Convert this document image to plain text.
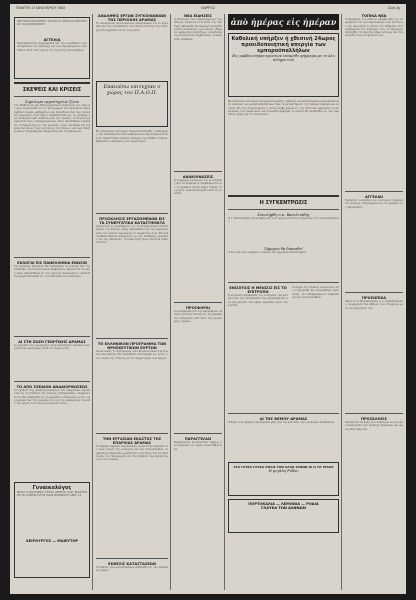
ΠΕΜΠΤΗ 17 ΙΑΝΟΥΑΡΙΟΥ 1963	ΘΑΡΡΟΣ	Σελίς 3η
ΔΕΛΤΙΟΝ ΔΙΚΗΓΟΡΙΚΟΥ ΣΥΛΛΟΓΟΥ ΔΡΑΜΑΣ ΔΙΟΙΚΗΤΙΚΟΥ ΚΑΙ ΟΙΚΟΝΟΜΙΚΟΥ
ΑΓΓΕΛΙΑ
Προκηρύσσεται δημοπρασία δια την εκμίσθωσιν καταστημάτων της περιοχής και των παρακειμένων οικοπέδων κατά τους όρους της σχετικής διακηρύξεως
ΣΚΕΨΕΙΣ ΚΑΙ ΚΡΙΣΕΙΣ
Σημείωμα εργαστηρίων ζώων
Του Μαθητικού και Επαγγελματικού συλλόγου της πόλεως μας ανεκοινώθη ότι το πρόγραμμα των εργασιών περιλαμβάνει σειράν μαθημάτων και διαλέξεων δια τους νέους της περιοχής. Αι αιτήσεις υποβάλλονται εις τα γραφεία του συλλόγου καθ' εκάστην από της πρωίας. Η επιτροπή παρακαλεί τους ενδιαφερομένους όπως προσέλθουν εγκαίρως. Η συμμετοχή εις τας εργασίας είναι ελευθέρα και δωρεάν δια όλους τους κατοίκους της πόλεως και των πέριξ χωρίων. Πληροφορίαι παρέχονται και τηλεφωνικώς.
ΕΚΛΟΓΑΙ ΕΙΣ ΠΑΝΕΛΛΗΝΙΑ ΕΝΩΣΙΝ
Την προσεχή Κυριακήν θα διεξαχθούν αι εκλογαί δια την ανάδειξιν νέου διοικητικού συμβουλίου. Καλούνται τα μέλη όπως προσέλθουν εις την γενικήν συνέλευσιν η οποία θα πραγματοποιηθεί εις την αίθουσαν του συλλόγου.
ΑΙ ΣΤΗ ΖΩΣΗ ΓΕΩΡΓΙΚΗΣ ΔΡΑΜΑΣ
Αι εργασίαι της γεωργικής συνεταιριστικής ενώσεως συνεχίζονται κανονικώς κατά το τρέχον έτος.
ΤΟ ΑΠΟ ΣΧΕΔΙΟΝ ΑΝΑΔΙΟΡΘΩΣΕΩΣ
Το σχέδιον της αναδιοργανώσεως των υπηρεσιών ευρίσκεται εις το στάδιον της τελικής επεξεργασίας. Αναμένεται ότι θα υποβληθεί εις το αρμόδιον υπουργείον εντός των ημερών δια την έγκρισιν του και την εφαρμογήν του από της αρχής του νέου οικονομικού έτους.
Γυναικολόγος
ΜΑΡΙΑ ΚΑΡΑΓΙΑΝΝΗ ΙΑΤΡΟΣ ΔΕΧΕΤΑΙ ΚΑΘ' ΕΚΑΣΤΗΝ ΕΝ ΤΩ ΙΑΤΡΕΙΩ ΑΥΤΗΣ ΟΔΟΣ ΒΕΝΙΖΕΛΟΥ ΑΡΙΘ. 14
ΧΕΙΡΟΥΡΓΟΣ — ΜΑΙΕΥΤΗΡ
ΑΝΑΛΗΨΙΣ ΕΡΓΩΝ ΣΥΓΚΟΙΝΩΝΙΩΝ ΤΗΣ ΠΕΡΙΟΧΗΣ ΔΡΑΜΑΣ
Το υπουργείον συγκοινωνιών ανεκοίνωσεν ότι αι εργασίαι δια την κατασκευήν του οδικού δικτύου της περιοχής θα αρχίσουν εντός του μηνός.
Επαινέσω επιτυχίαν ο χώρος του Π.Α.Ο.Π.
Με ιδιαιτέραν επιτυχίαν επραγματοποιήθη η εκδήλωσις του Πανελληνίου Απελευθερωτικού Οργανισμού Πολιτών. Παρέστησαν πολλοί επίσημοι και πλήθος κόσμου. Ωμίλησεν ο πρόεδρος του οργανισμού.
ΠΡΟΣΚΛΗΣΙΣ ΕΡΓΑΖΟΜΕΝΩΝ ΕΙΣ ΤΑ ΣΥΝΕΡΓΑΤΙΚΑ ΚΑΤΑΣΤΗΜΑΤΑ
Καλούνται οι εργαζόμενοι εις τα συνεργατικά καταστήματα της πόλεως όπως προσέλθουν εις την συγκέντρωσιν την οποίαν οργανώνει το σωματείον των. Θα συζητηθούν θέματα αφορώντα εις τας συνθήκας εργασίας και τας αποδοχάς. Η συμμετοχή όλων κρίνεται απαραίτητος.
ΤΟ ΕΛΛΗΝΙΚΟΝ ΠΡΟΓΡΑΜΜΑ ΤΩΝ ΘΡΗΣΚΕΥΤΙΚΩΝ ΕΟΡΤΩΝ
Ανεκοινώθη το πρόγραμμα των θρησκευτικών εορτών του Ιανουαρίου. Θα τελεσθούν λειτουργίαι εις όλους τους ναούς της πόλεως με την συμμετοχήν των αρχών.
ΤΗΝ ΕΡΓΑΣΙΑΝ ΕΚΑΣΤΟΣ ΤΗΣ ΕΠΑΡΧΙΑΣ ΔΡΑΜΑΣ
Η επαρχία Δράμας παρουσιάζει σημαντικήν πρόοδον εις τους τομείς της γεωργίας και της κτηνοτροφίας. Αι αρμόδιαι υπηρεσίαι εργάζονται εντατικώς δια την βελτίωσιν της παραγωγής και την διάθεσιν των προϊόντων εις τας αγοράς.
ΕΚΘΕΣΙΣ ΚΑΤΑΣΤΑΣΕΩΝ
Η έκθεσις των καταστάσεων υπεβλήθη εις τας αρμοδίας αρχάς.
ΝΕΑ ΕΙΔΗΣΕΙΣ
Ο σύλλογος των επαγγελματιών της πόλεως ανακοινοί ότι κατά την προσεχή εβδομάδα θα πραγματοποιηθεί γενική συνέλευσις των μελών. Θέματα ημερησίας διατάξεως: λογοδοσία του διοικητικού συμβουλίου, εκλογή νέου, διάφορα.
ΑΝΑΚΟΙΝΩΣΕΙΣ
Η νομαρχία ανακοινοί ότι αι αιτήσεις δια τα επιδόματα υποβάλλονται εις τα γραφεία αυτής μέχρι τέλους του μηνός. Δικαιολογητικά κατά τα γνωστά.
ΠΡΟΣΦΟΡΑΙ
Αι προσφοραί δια την προμήθειαν υλικών γίνονται δεκταί εις τα γραφεία της υπηρεσίας καθ' όλας τας εργασίμους ημέρας.
ΠΑΡΑΓΓΕΛΙΑΙ
Παραγγελίαι εκτελούνται ταχέως και επιμελώς εις τιμάς συγκαταβατικάς.
ἀπὸ ἡμέρας εἰς ἡμέραν
Καθολική υπήρξεν ή χθεσινή 24ωρος προειδοποιητική απεργία των εμποροϋπαλλήλων
Εις ομάδα συγκεντρώσεων ενέκριθε ψήφισμα με το όλο αίτημα των
Με απόλυτον επιτυχίαν επραγματοποιήθη η χθεσινή εικοσιτετράωρος προειδοποιητική απεργία των εμποροϋπαλλήλων. Όλα τα καταστήματα της πόλεως παρέμειναν κλειστά. Εις την συγκέντρωσιν η οποία έλαβε χώραν εις την πλατείαν ωμίλησαν οι εκπρόσωποι των σωματείων και ενεκρίθη ψήφισμα το οποίον θα υποβληθεί εις τας αρμοδίας αρχάς και το υπουργείον.
Η ΣΥΓΚΕΝΤΡΩΣΙΣ
Συνελήφθη ο κ. Βασιλειάδης
Ο κ. Βασιλειάδης συνελήφθη υπό των αρχών κατά την διάρκειαν της συγκεντρώσεως.
Σήμερον θα δικασθεί
Η δίκη θα γίνει σήμερον ενώπιον του αρμοδίου δικαστηρίου.
ΕΝΙΣΧΥΣΙΣ Η ΜΕΙΩΣΙΣ ΕΙΣ ΤΟ ΕΠΙΤΡΟΠΗ
Η επιτροπή αποφάσισε την ενίσχυσιν των μέτρων δια την προστασίαν των εργαζομένων και την μείωσιν των ωρών εργασίας κατά τας εορτάς.
Αι αρχαί της πόλεως ανακοινούν ότι αι εργασίαι θα συνεχισθούν κανονικώς. Οι ενδιαφερόμενοι παρακαλούνται να προσέλθουν.
ΑΙ ΤΗΣ ΘΕΜΟΥ ΔΡΑΜΑΣ
Η θέμις της Δράμας συνεδρίασε χθες δια την εξέτασιν των εκκρεμών υποθέσεων.
ΣΤΑ ΓΛΥΚΑ ΓΛΥΚΑ ΟΠΑΙΣ ΤΟΝ ΑΛΛΟ ΣΑΝΩΝ ΟΙ Ο ΤΟ ΤΕΛΟΣ
Η μεγάλη Ρόδου
ΠΟΡΤΟΚΑΛΙΑ — ΛΕΜΟΝΙΑ — ΡΟΔΙΑ
ΓΛΑΥΚΑ ΤΩΝ ΔΑΦΝΩΝ
ΤΟΠΙΚΑ ΝΕΑ
Ο δήμαρχος της πόλεως εδέχθη χθες εις το γραφείον του αντιπροσωπείαν των κατοίκων της συνοικίας οι οποίοι του εξέθεσαν τα προβλήματα της περιοχής των. Ο δήμαρχος υπεσχέθη την άμεσον λήψιν μέτρων δια την επίλυσιν των αιτημάτων των.
ΑΓΓΕΛΙΑΙ
Πωλείται οικόπεδον εις κεντρικόν σημείον της πόλεως. Πληροφορίαι εις τα γραφεία της εφημερίδος.
ΠΡΟΣΩΠΙΚΑ
Αφίκετο εκ Θεσσαλονίκης ο κ. Παπαδόπουλος. Ανεχώρησε δια Αθήνας η κα Γεωργίου μετά της θυγατρός της.
ΠΡΟΣΚΛΗΣΙΣ
Καλούνται τα μέλη του συλλόγου εις γενικήν συνέλευσιν την προσεχή Κυριακήν και ώραν 10ην πρωινήν.
